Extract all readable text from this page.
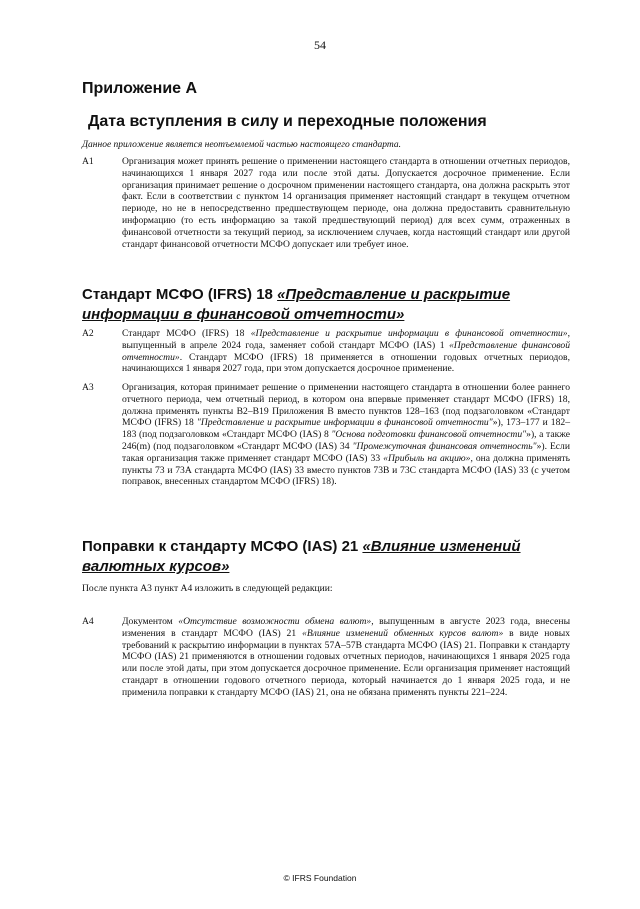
54
Приложение А
Дата вступления в силу и переходные положения
Данное приложение является неотъемлемой частью настоящего стандарта.
А1	Организация может принять решение о применении настоящего стандарта в отношении отчетных периодов, начинающихся 1 января 2027 года или после этой даты. Допускается досрочное применение. Если организация принимает решение о досрочном применении настоящего стандарта, она должна раскрыть этот факт. Если в соответствии с пунктом 14 организация применяет настоящий стандарт в текущем отчетном периоде, но не в непосредственно предшествующем периоде, она должна предоставить сравнительную информацию (то есть информацию за такой предшествующий период) для всех сумм, отраженных в финансовой отчетности за текущий период, за исключением случаев, когда настоящий стандарт или другой стандарт финансовой отчетности МСФО допускает или требует иное.
Стандарт МСФО (IFRS) 18 «Представление и раскрытие информации в финансовой отчетности»
А2	Стандарт МСФО (IFRS) 18 «Представление и раскрытие информации в финансовой отчетности», выпущенный в апреле 2024 года, заменяет собой стандарт МСФО (IAS) 1 «Представление финансовой отчетности». Стандарт МСФО (IFRS) 18 применяется в отношении годовых отчетных периодов, начинающихся 1 января 2027 года, при этом допускается досрочное применение.
А3	Организация, которая принимает решение о применении настоящего стандарта в отношении более раннего отчетного периода, чем отчетный период, в котором она впервые применяет стандарт МСФО (IFRS) 18, должна применять пункты В2–В19 Приложения В вместо пунктов 128–163 (под подзаголовком «Стандарт МСФО (IFRS) 18 "Представление и раскрытие информации в финансовой отчетности"»), 173–177 и 182–183 (под подзаголовком «Стандарт МСФО (IAS) 8 "Основа подготовки финансовой отчетности"»), а также 246(m) (под подзаголовком «Стандарт МСФО (IAS) 34 "Промежуточная финансовая отчетность"»). Если такая организация также применяет стандарт МСФО (IAS) 33 «Прибыль на акцию», она должна применять пункты 73 и 73А стандарта МСФО (IAS) 33 вместо пунктов 73В и 73С стандарта МСФО (IAS) 33 (с учетом поправок, внесенных стандартом МСФО (IFRS) 18).
Поправки к стандарту МСФО (IAS) 21 «Влияние изменений валютных курсов»
После пункта А3 пункт А4 изложить в следующей редакции:
А4	Документом «Отсутствие возможности обмена валют», выпущенным в августе 2023 года, внесены изменения в стандарт МСФО (IAS) 21 «Влияние изменений обменных курсов валют» в виде новых требований к раскрытию информации в пунктах 57А–57В стандарта МСФО (IAS) 21. Поправки к стандарту МСФО (IAS) 21 применяются в отношении годовых отчетных периодов, начинающихся 1 января 2025 года или после этой даты, при этом допускается досрочное применение. Если организация применяет настоящий стандарт в отношении годового отчетного периода, который начинается до 1 января 2025 года, и не применила поправки к стандарту МСФО (IAS) 21, она не обязана применять пункты 221–224.
© IFRS Foundation
